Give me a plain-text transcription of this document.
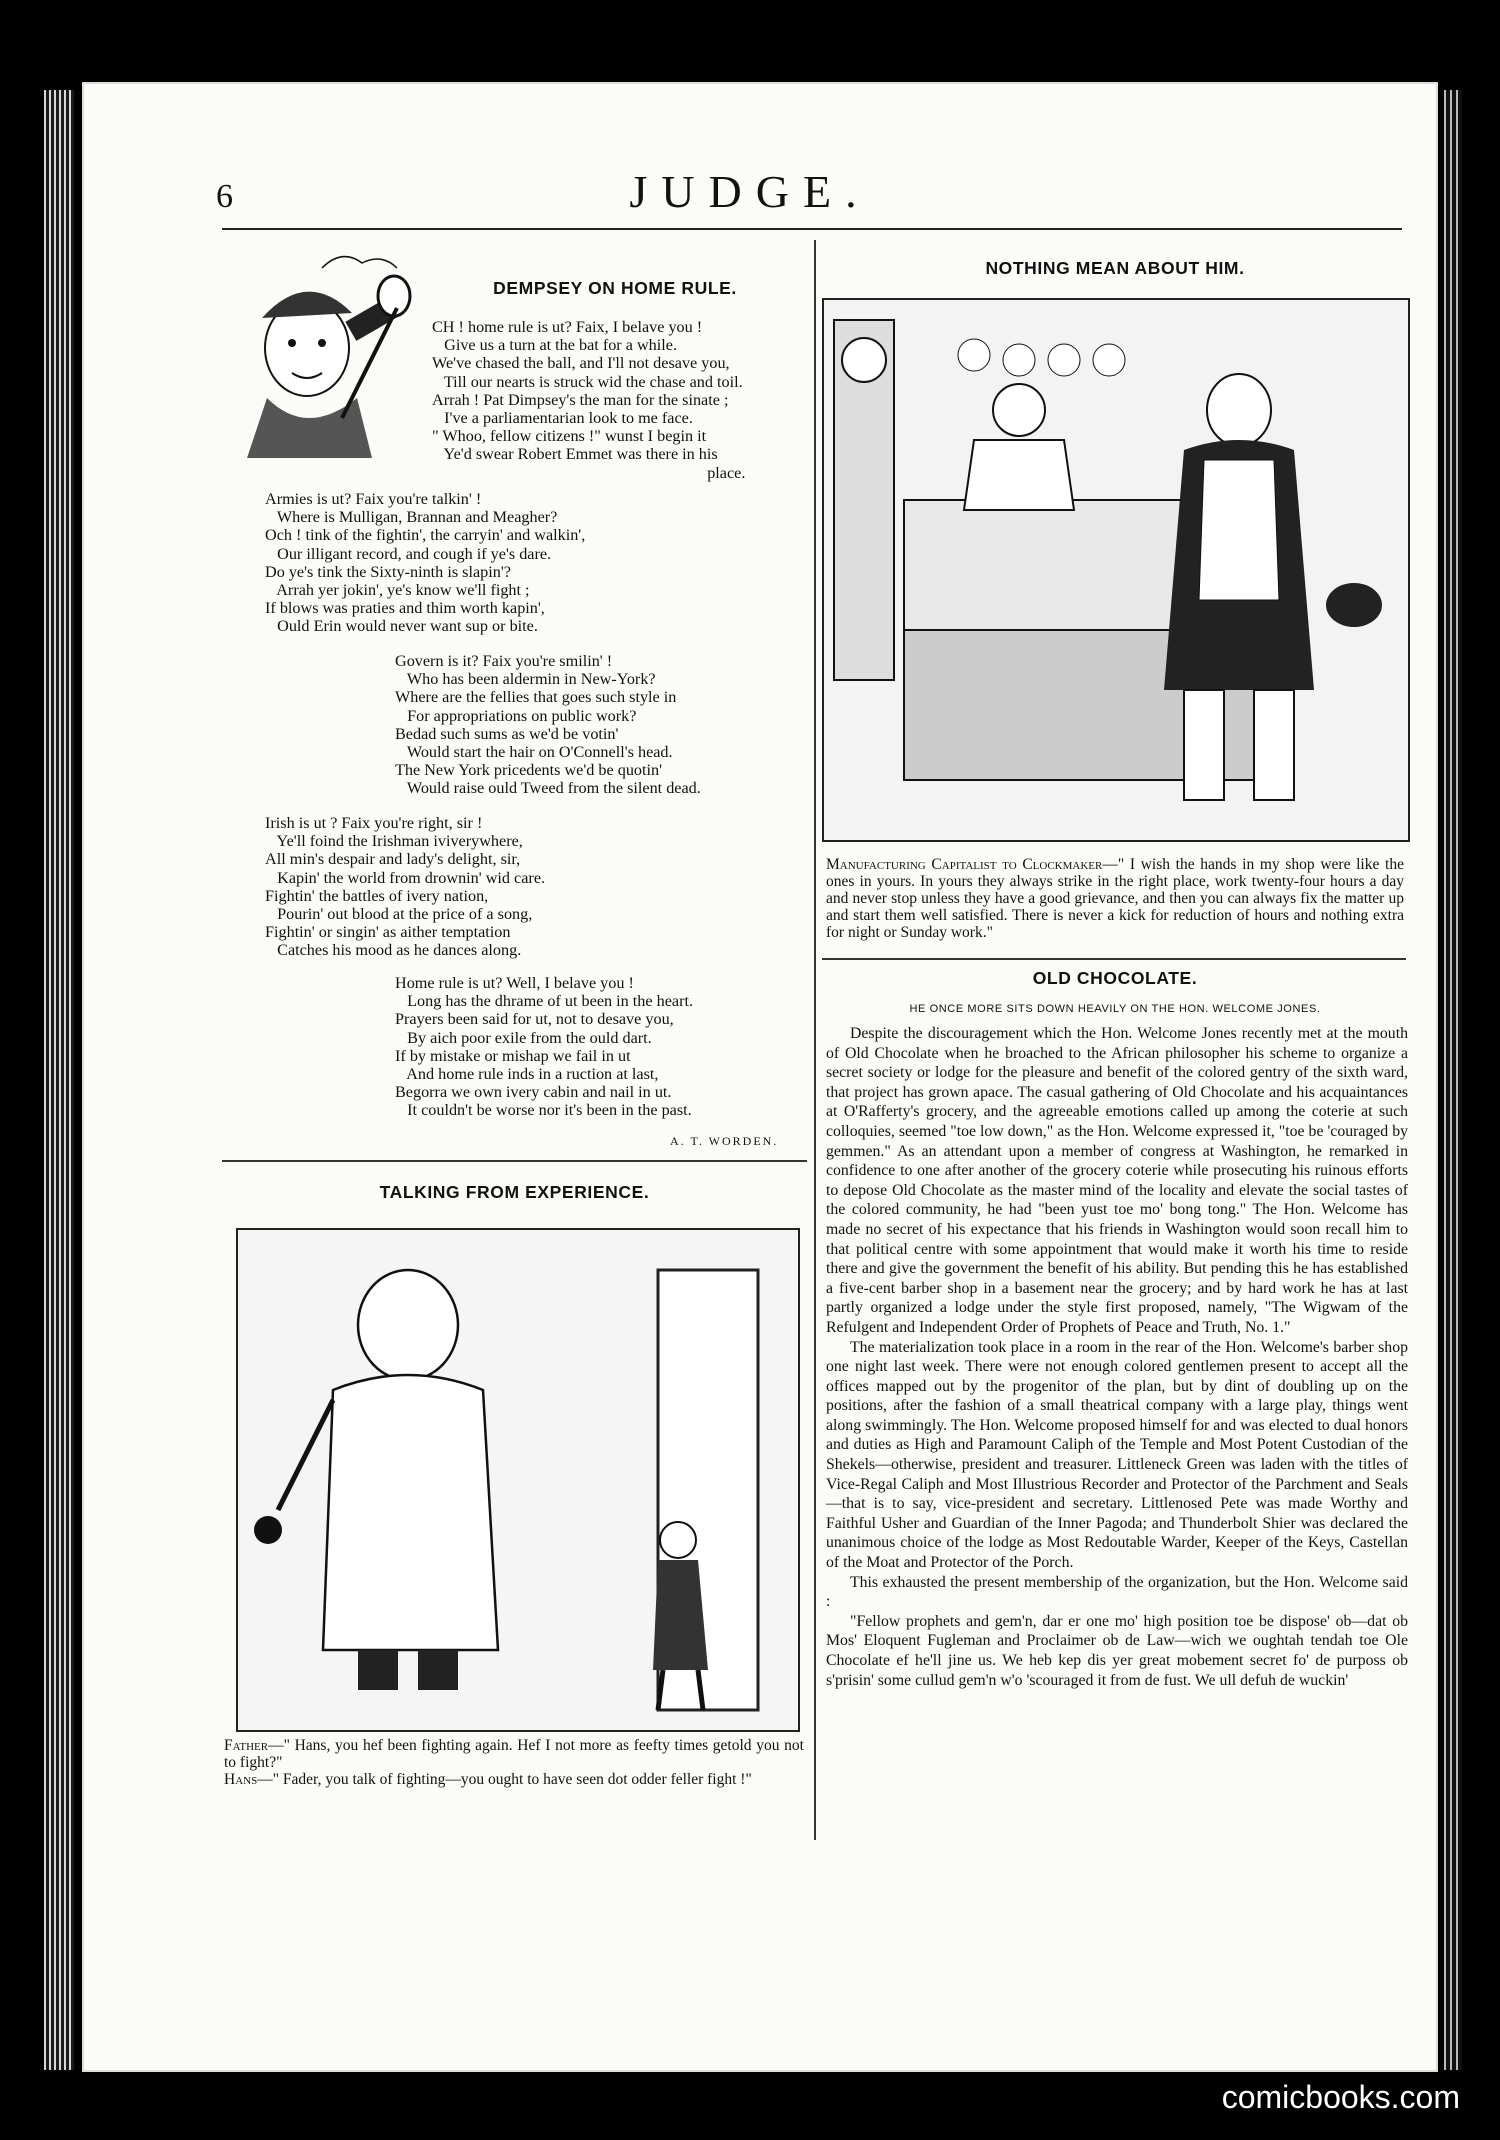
6	JUDGE.
DEMPSEY ON HOME RULE.
CH ! home rule is ut? Faix, I belave you !
Give us a turn at the bat for a while.
We've chased the ball, and I'll not desave you,
Till our nearts is struck wid the chase and toil.
Arrah ! Pat Dimpsey's the man for the sinate ;
I've a parliamentarian look to me face.
" Whoo, fellow citizens !" wunst I begin it
Ye'd swear Robert Emmet was there in his
place.
Armies is ut? Faix you're talkin' !
Where is Mulligan, Brannan and Meagher?
Och ! tink of the fightin', the carryin' and walkin',
Our illigant record, and cough if ye's dare.
Do ye's tink the Sixty-ninth is slapin'?
Arrah yer jokin', ye's know we'll fight ;
If blows was praties and thim worth kapin',
Ould Erin would never want sup or bite.
Govern is it? Faix you're smilin' !
Who has been aldermin in New-York?
Where are the fellies that goes such style in
For appropriations on public work?
Bedad such sums as we'd be votin'
Would start the hair on O'Connell's head.
The New York pricedents we'd be quotin'
Would raise ould Tweed from the silent dead.
Irish is ut ? Faix you're right, sir !
Ye'll foind the Irishman iviverywhere,
All min's despair and lady's delight, sir,
Kapin' the world from drownin' wid care.
Fightin' the battles of ivery nation,
Pourin' out blood at the price of a song,
Fightin' or singin' as aither temptation
Catches his mood as he dances along.
Home rule is ut? Well, I belave you !
Long has the dhrame of ut been in the heart.
Prayers been said for ut, not to desave you,
By aich poor exile from the ould dart.
If by mistake or mishap we fail in ut
And home rule inds in a ruction at last,
Begorra we own ivery cabin and nail in ut.
It couldn't be worse nor it's been in the past.
A. T. WORDEN.
TALKING FROM EXPERIENCE.
Father—" Hans, you hef been fighting again. Hef I not more as feefty times getold you not to fight?"
Hans—" Fader, you talk of fighting—you ought to have seen dot odder feller fight !"
NOTHING MEAN ABOUT HIM.
Manufacturing Capitalist to Clockmaker—" I wish the hands in my shop were like the ones in yours. In yours they always strike in the right place, work twenty-four hours a day and never stop unless they have a good grievance, and then you can always fix the matter up and start them well satisfied. There is never a kick for reduction of hours and nothing extra for night or Sunday work."
OLD CHOCOLATE.
HE ONCE MORE SITS DOWN HEAVILY ON THE HON. WELCOME JONES.

Despite the discouragement which the Hon. Welcome Jones recently met at the mouth of Old Chocolate when he broached to the African philosopher his scheme to organize a secret society or lodge for the pleasure and benefit of the colored gentry of the sixth ward, that project has grown apace. The casual gathering of Old Chocolate and his acquaintances at O'Rafferty's grocery, and the agreeable emotions called up among the coterie at such colloquies, seemed "toe low down," as the Hon. Welcome expressed it, "toe be 'couraged by gemmen." As an attendant upon a member of congress at Washington, he remarked in confidence to one after another of the grocery coterie while prosecuting his ruinous efforts to depose Old Chocolate as the master mind of the locality and elevate the social tastes of the colored community, he had "been yust toe mo' bong tong." The Hon. Welcome has made no secret of his expectance that his friends in Washington would soon recall him to that political centre with some appointment that would make it worth his time to reside there and give the government the benefit of his ability. But pending this he has established a five-cent barber shop in a basement near the grocery; and by hard work he has at last partly organized a lodge under the style first proposed, namely, "The Wigwam of the Refulgent and Independent Order of Prophets of Peace and Truth, No. 1."

The materialization took place in a room in the rear of the Hon. Welcome's barber shop one night last week. There were not enough colored gentlemen present to accept all the offices mapped out by the progenitor of the plan, but by dint of doubling up on the positions, after the fashion of a small theatrical company with a large play, things went along swimmingly. The Hon. Welcome proposed himself for and was elected to dual honors and duties as High and Paramount Caliph of the Temple and Most Potent Custodian of the Shekels—otherwise, president and treasurer. Littleneck Green was laden with the titles of Vice-Regal Caliph and Most Illustrious Recorder and Protector of the Parchment and Seals—that is to say, vice-president and secretary. Littlenosed Pete was made Worthy and Faithful Usher and Guardian of the Inner Pagoda; and Thunderbolt Shier was declared the unanimous choice of the lodge as Most Redoutable Warder, Keeper of the Keys, Castellan of the Moat and Protector of the Porch.

This exhausted the present membership of the organization, but the Hon. Welcome said :

"Fellow prophets and gem'n, dar er one mo' high position toe be dispose' ob—dat ob Mos' Eloquent Fugleman and Proclaimer ob de Law—wich we oughtah tendah toe Ole Chocolate ef he'll jine us. We heb kep dis yer great mobement secret fo' de purposs ob s'prisin' some cullud gem'n w'o 'scouraged it from de fust. We ull defuh de wuckin'

comicbooks.com
